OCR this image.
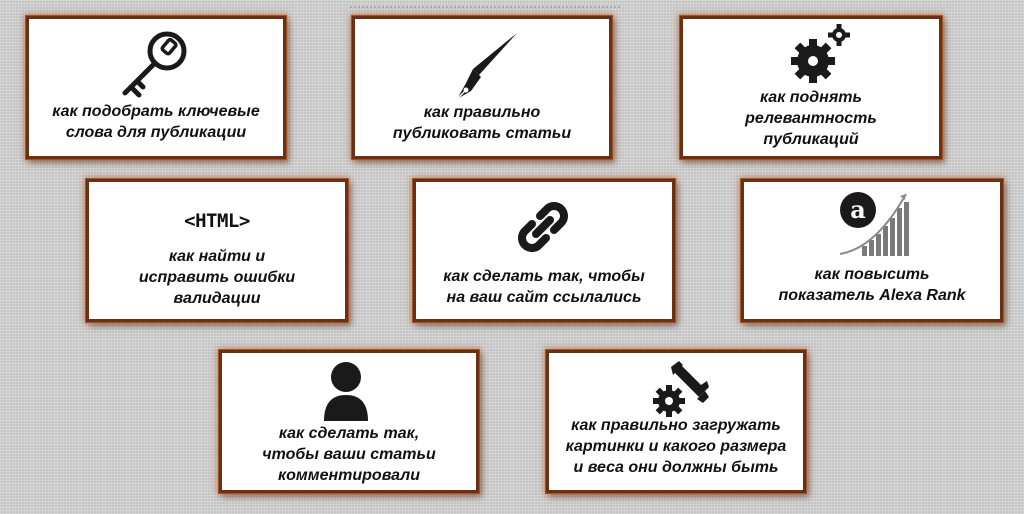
как подобрать ключевые
слова для публикации
как правильно
публиковать статьи
как поднять
релевантность
публикаций
<HTML>
как найти и
исправить ошибки
валидации
как сделать так, чтобы
на ваш сайт ссылались
a
как повысить
показатель Alexa Rank
как сделать так,
чтобы ваши статьи
комментировали
как правильно загружать
картинки и какого размера
и веса они должны быть
